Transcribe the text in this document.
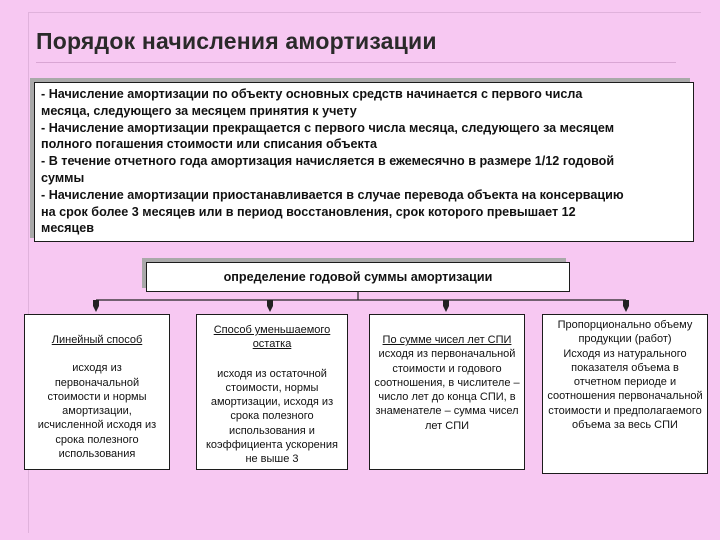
Порядок начисления амортизации
- Начисление амортизации по объекту основных средств начинается с первого числа
месяца, следующего за месяцем принятия к учету
- Начисление амортизации прекращается с первого числа месяца, следующего за месяцем
полного погашения стоимости или списания объекта
- В течение отчетного года амортизация начисляется в ежемесячно в размере 1/12 годовой
суммы
- Начисление амортизации приостанавливается в случае перевода объекта на консервацию
на срок более 3 месяцев или в период восстановления, срок которого превышает 12
месяцев
определение годовой суммы амортизации
Линейный способ
исходя из первоначальной стоимости и нормы амортизации, исчисленной исходя из срока полезного использования
Способ уменьшаемого остатка
исходя из остаточной стоимости, нормы амортизации, исходя из срока полезного использования и коэффициента ускорения не выше 3
По сумме чисел лет СПИ
исходя из первоначальной стоимости и годового соотношения, в числителе – число лет до конца СПИ, в знаменателе – сумма чисел лет СПИ
Пропорционально объему продукции (работ)
Исходя из натурального показателя объема в отчетном периоде и соотношения первоначальной стоимости и предполагаемого объема за весь СПИ
